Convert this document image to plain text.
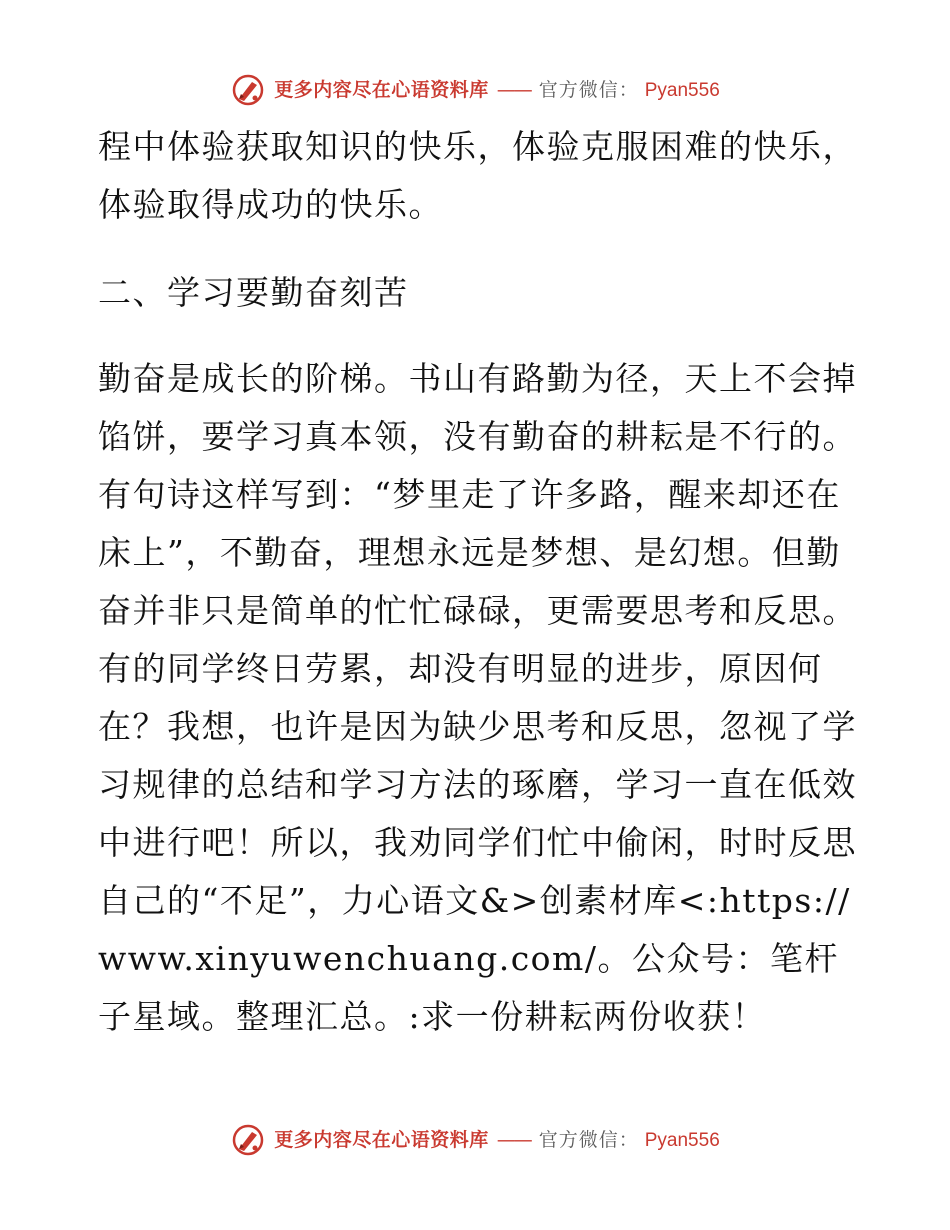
更多内容尽在心语资料库 —— 官方微信： Pyan556

程中体验获取知识的快乐，体验克服困难的快乐，体验取得成功的快乐。

二、学习要勤奋刻苦

勤奋是成长的阶梯。书山有路勤为径，天上不会掉馅饼，要学习真本领，没有勤奋的耕耘是不行的。有句诗这样写到：“梦里走了许多路，醒来却还在床上”，不勤奋，理想永远是梦想、是幻想。但勤奋并非只是简单的忙忙碌碌，更需要思考和反思。有的同学终日劳累，却没有明显的进步，原因何在？我想，也许是因为缺少思考和反思，忽视了学习规律的总结和学习方法的琢磨，学习一直在低效中进行吧！所以，我劝同学们忙中偷闲，时时反思自己的“不足”，力心语文&>创素材库<:https://www.xinyuwenchuang.com/。公众号：笔杆子星域。整理汇总。:求一份耕耘两份收获！

更多内容尽在心语资料库 —— 官方微信： Pyan556
